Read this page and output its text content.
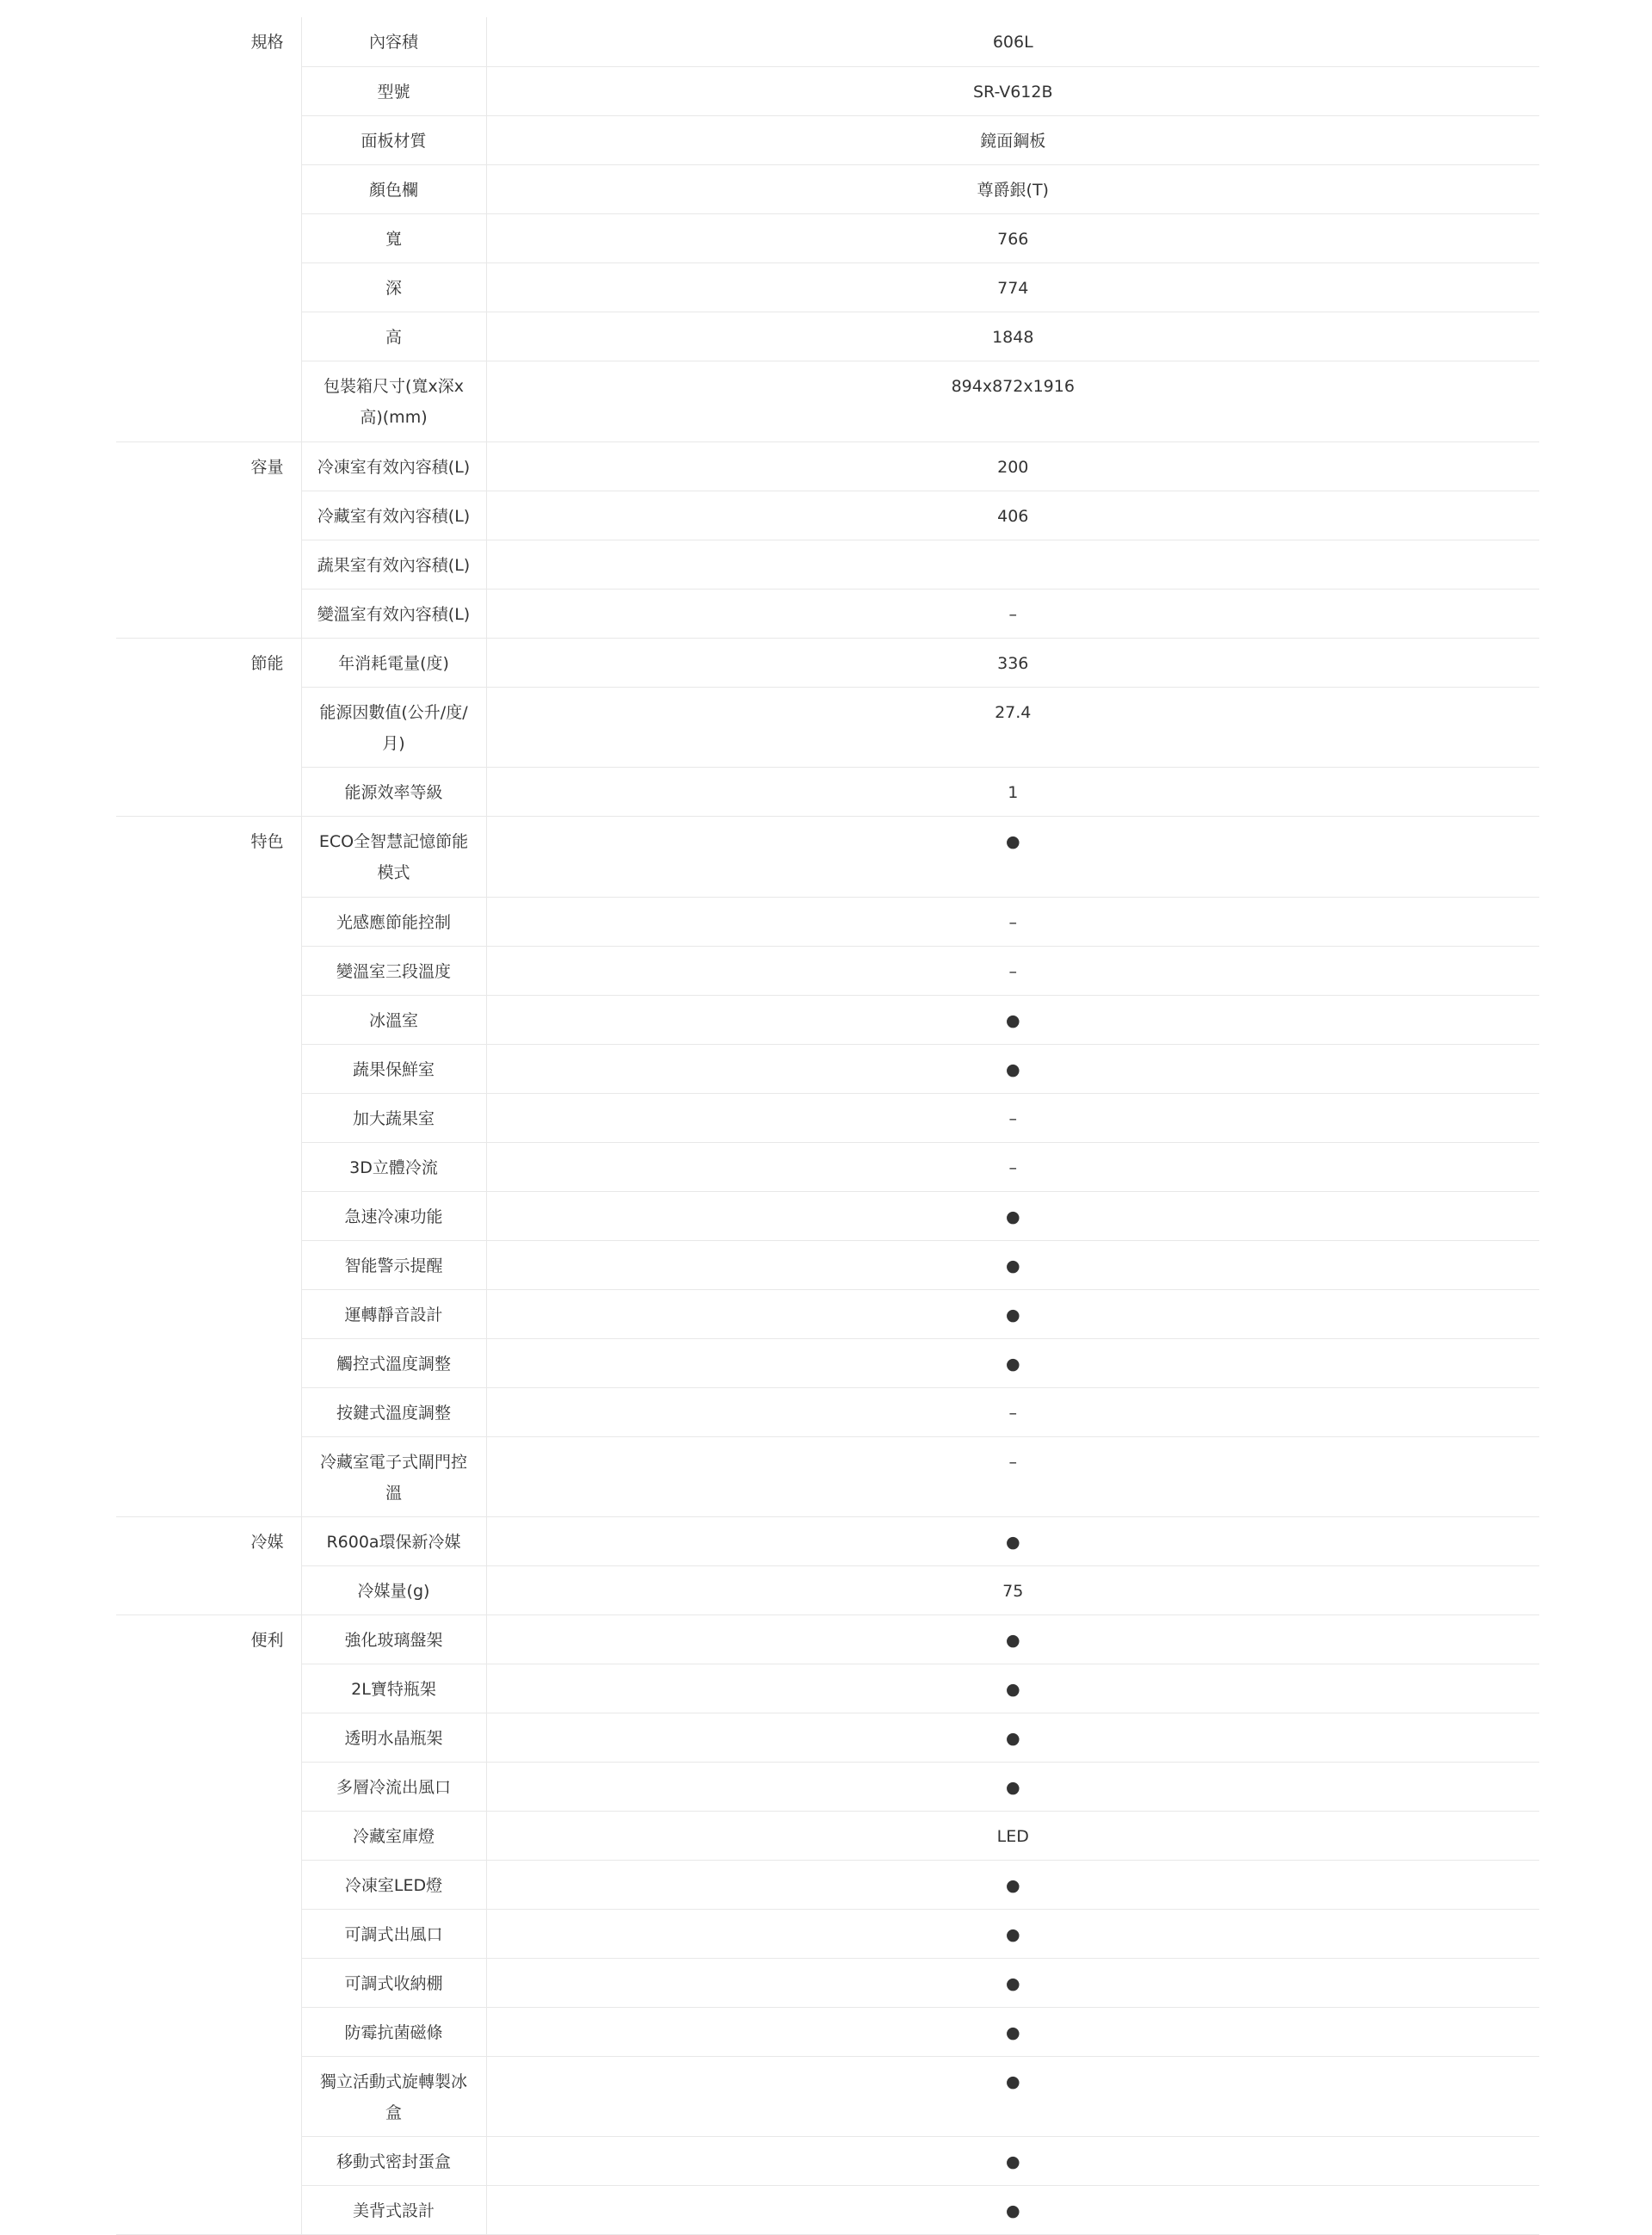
規格	內容積	606L
	型號	SR-V612B
	面板材質	鏡面鋼板
	顏色欄	尊爵銀(T)
	寬	766
	深	774
	高	1848
	包裝箱尺寸(寬x深x高)(mm)	894x872x1916
容量	冷凍室有效內容積(L)	200
	冷藏室有效內容積(L)	406
	蔬果室有效內容積(L)	
	變溫室有效內容積(L)	–
節能	年消耗電量(度)	336
	能源因數值(公升/度/月)	27.4
	能源效率等級	1
特色	ECO全智慧記憶節能模式	●
	光感應節能控制	–
	變溫室三段溫度	–
	冰溫室	●
	蔬果保鮮室	●
	加大蔬果室	–
	3D立體冷流	–
	急速冷凍功能	●
	智能警示提醒	●
	運轉靜音設計	●
	觸控式溫度調整	●
	按鍵式溫度調整	–
	冷藏室電子式閘門控溫	–
冷媒	R600a環保新冷媒	●
	冷媒量(g)	75
便利	強化玻璃盤架	●
	2L寶特瓶架	●
	透明水晶瓶架	●
	多層冷流出風口	●
	冷藏室庫燈	LED
	冷凍室LED燈	●
	可調式出風口	●
	可調式收納棚	●
	防霉抗菌磁條	●
	獨立活動式旋轉製冰盒	●
	移動式密封蛋盒	●
	美背式設計	●
